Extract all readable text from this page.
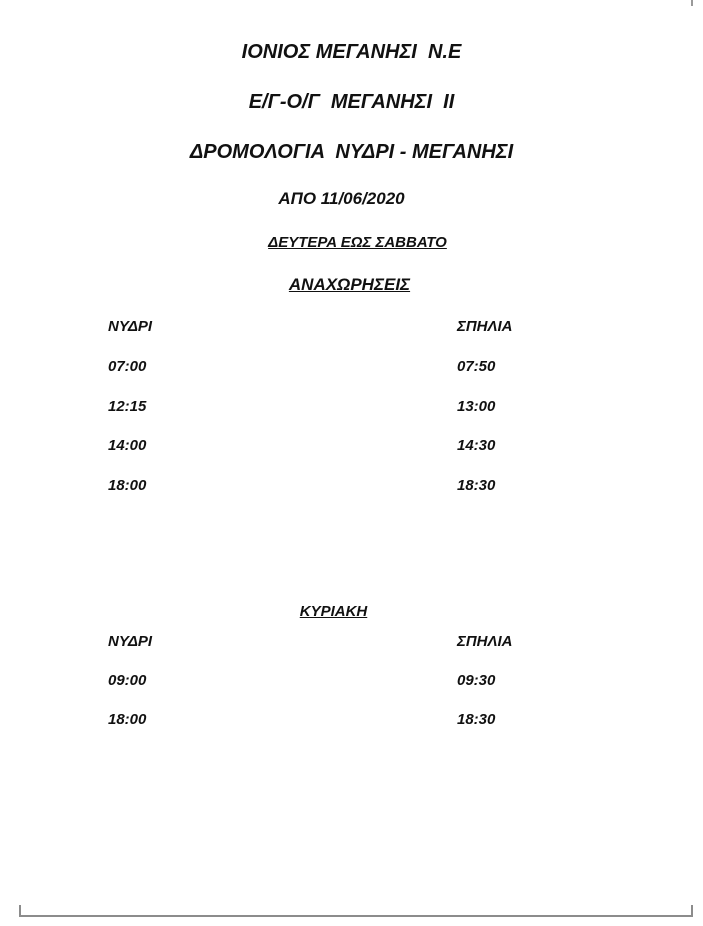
ΙΟΝΙΟΣ ΜΕΓΑΝΗΣΙ  Ν.Ε
Ε/Γ-Ο/Γ  ΜΕΓΑΝΗΣΙ  ΙΙ
ΔΡΟΜΟΛΟΓΙΑ  ΝΥΔΡΙ - ΜΕΓΑΝΗΣΙ
ΑΠΟ 11/06/2020
ΔΕΥΤΕΡΑ ΕΩΣ ΣΑΒΒΑΤΟ
ΑΝΑΧΩΡΗΣΕΙΣ
ΝΥΔΡΙ	ΣΠΗΛΙΑ
07:00	07:50
12:15	13:00
14:00	14:30
18:00	18:30
ΚΥΡΙΑΚΗ
ΝΥΔΡΙ	ΣΠΗΛΙΑ
09:00	09:30
18:00	18:30
